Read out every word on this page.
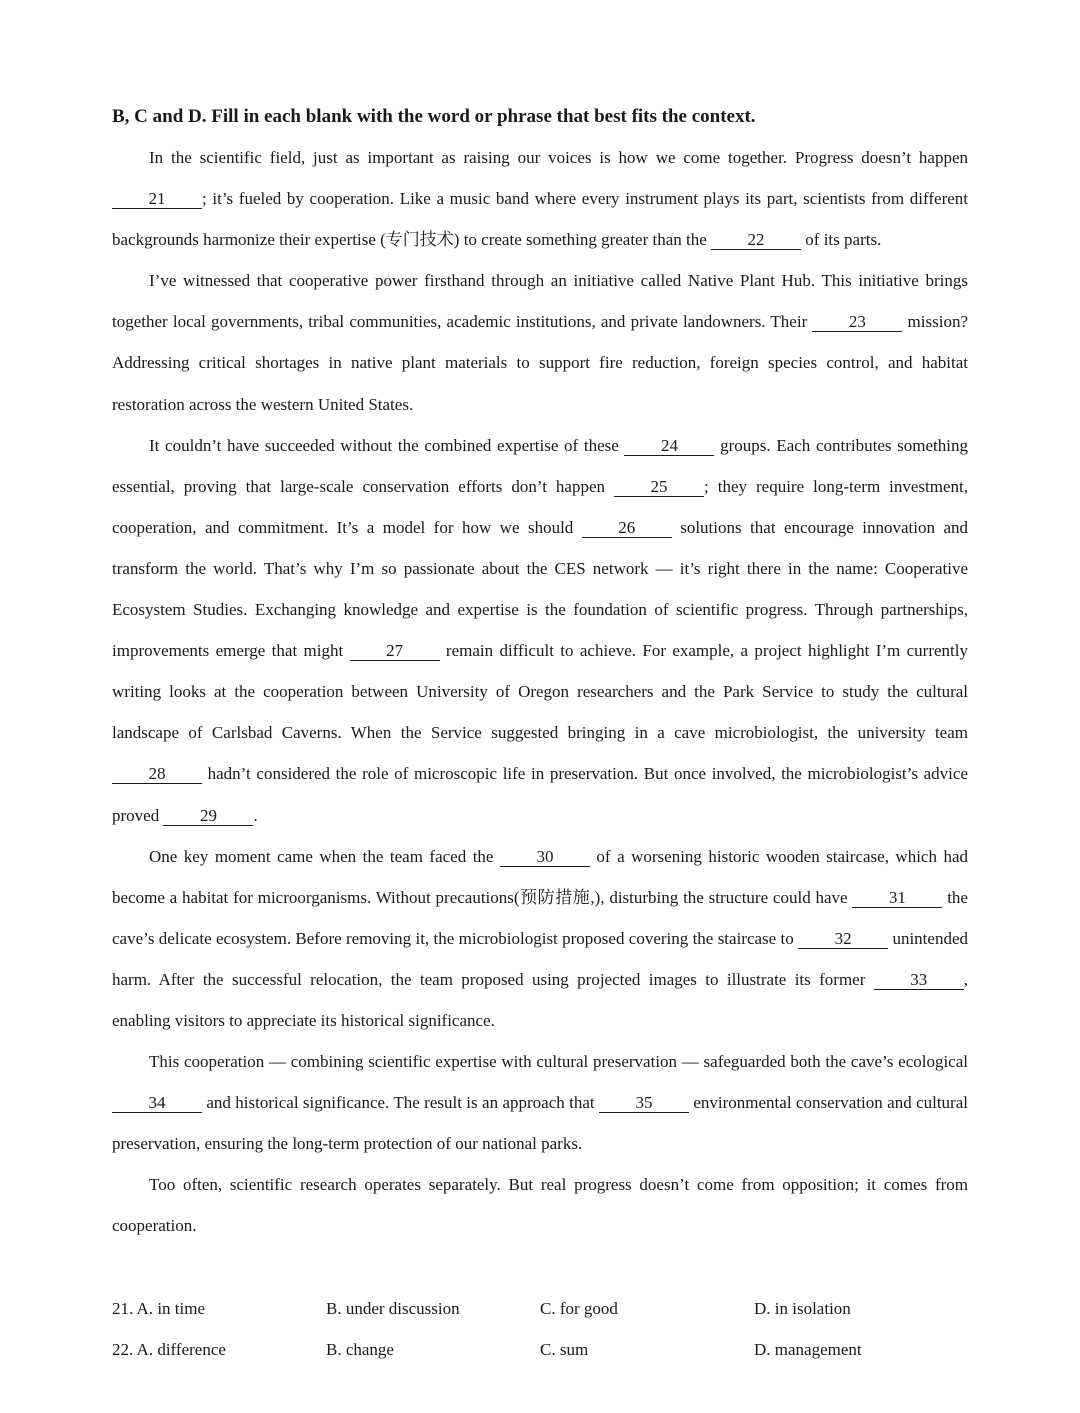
B, C and D. Fill in each blank with the word or phrase that best fits the context.

In the scientific field, just as important as raising our voices is how we come together. Progress doesn’t happen 21 ; it’s fueled by cooperation. Like a music band where every instrument plays its part, scientists from different backgrounds harmonize their expertise (专门技术) to create something greater than the 22 of its parts.

I’ve witnessed that cooperative power firsthand through an initiative called Native Plant Hub. This initiative brings together local governments, tribal communities, academic institutions, and private landowners. Their 23 mission? Addressing critical shortages in native plant materials to support fire reduction, foreign species control, and habitat restoration across the western United States.

It couldn’t have succeeded without the combined expertise of these 24 groups. Each contributes something essential, proving that large-scale conservation efforts don’t happen 25 ; they require long-term investment, cooperation, and commitment. It’s a model for how we should 26 solutions that encourage innovation and transform the world. That’s why I’m so passionate about the CES network — it’s right there in the name: Cooperative Ecosystem Studies. Exchanging knowledge and expertise is the foundation of scientific progress. Through partnerships, improvements emerge that might 27 remain difficult to achieve. For example, a project highlight I’m currently writing looks at the cooperation between University of Oregon researchers and the Park Service to study the cultural landscape of Carlsbad Caverns. When the Service suggested bringing in a cave microbiologist, the university team 28 hadn’t considered the role of microscopic life in preservation. But once involved, the microbiologist’s advice proved 29 .

One key moment came when the team faced the 30 of a worsening historic wooden staircase, which had become a habitat for microorganisms. Without precautions(预防措施,), disturbing the structure could have 31 the cave’s delicate ecosystem. Before removing it, the microbiologist proposed covering the staircase to 32 unintended harm. After the successful relocation, the team proposed using projected images to illustrate its former 33 , enabling visitors to appreciate its historical significance.

This cooperation — combining scientific expertise with cultural preservation — safeguarded both the cave’s ecological 34 and historical significance. The result is an approach that 35 environmental conservation and cultural preservation, ensuring the long-term protection of our national parks.

Too often, scientific research operates separately. But real progress doesn’t come from opposition; it comes from cooperation.

21. A. in time	B. under discussion	C. for good	D. in isolation
22. A. difference	B. change	C. sum	D. management
